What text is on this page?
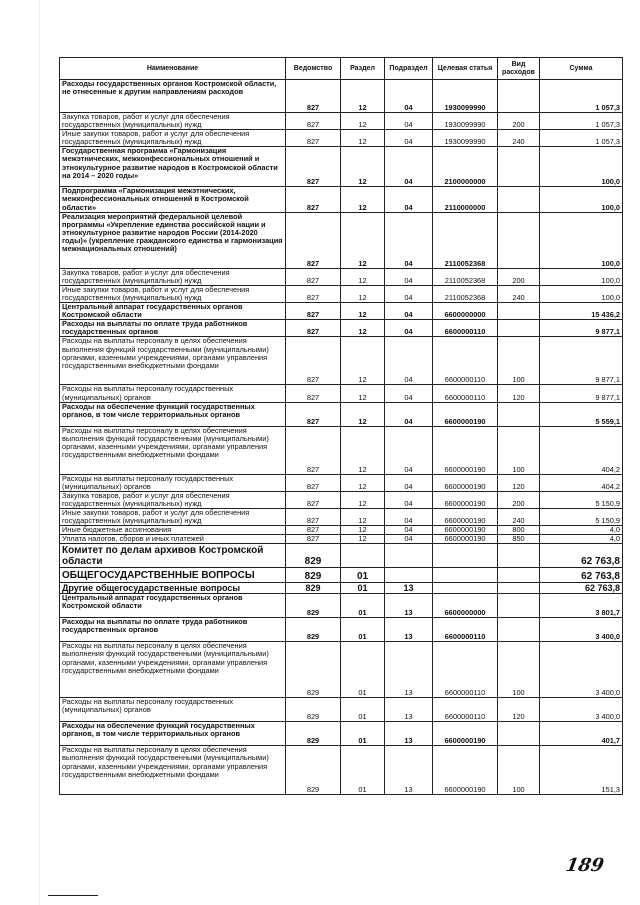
Наименование	Ведомство	Раздел	Подраздел	Целевая статья	Вид расходов	Сумма
Расходы государственных органов Костромской области, не отнесенные к другим направлениям расходов	827	12	04	1930099990		1 057,3
Закупка товаров, работ и услуг для обеспечения государственных (муниципальных) нужд	827	12	04	1930099990	200	1 057,3
Иные закупки товаров, работ и услуг для обеспечения государственных (муниципальных) нужд	827	12	04	1930099990	240	1 057,3
Государственная программа «Гармонизация межэтнических, межконфессиональных отношений и этнокультурное развитие народов в Костромской области на 2014 – 2020 годы»	827	12	04	2100000000		100,0
Подпрограмма «Гармонизация межэтнических, межконфессиональных отношений в Костромской области»	827	12	04	2110000000		100,0
Реализация мероприятий федеральной целевой программы «Укрепление единства российской нации и этнокультурное развитие народов России (2014-2020 годы)» (укрепление гражданского единства и гармонизация межнациональных отношений)	827	12	04	2110052368		100,0
Закупка товаров, работ и услуг для обеспечения государственных (муниципальных) нужд	827	12	04	2110052368	200	100,0
Иные закупки товаров, работ и услуг для обеспечения государственных (муниципальных) нужд	827	12	04	2110052368	240	100,0
Центральный аппарат государственных органов Костромской области	827	12	04	6600000000		15 436,2
Расходы на выплаты по оплате труда работников государственных органов	827	12	04	6600000110		9 877,1
Расходы на выплаты персоналу в целях обеспечения выполнения функций государственными (муниципальными) органами, казенными учреждениями, органами управления государственными внебюджетными фондами	827	12	04	6600000110	100	9 877,1
Расходы на выплаты персоналу государственных (муниципальных) органов	827	12	04	6600000110	120	9 877,1
Расходы на обеспечение функций государственных органов, в том числе территориальных органов	827	12	04	6600000190		5 559,1
Расходы на выплаты персоналу в целях обеспечения выполнения функций государственными (муниципальными) органами, казенными учреждениями, органами управления государственными внебюджетными фондами	827	12	04	6600000190	100	404,2
Расходы на выплаты персоналу государственных (муниципальных) органов	827	12	04	6600000190	120	404,2
Закупка товаров, работ и услуг для обеспечения государственных (муниципальных) нужд	827	12	04	6600000190	200	5 150,9
Иные закупки товаров, работ и услуг для обеспечения государственных (муниципальных) нужд	827	12	04	6600000190	240	5 150,9
Иные бюджетные ассигнования	827	12	04	6600000190	800	4,0
Уплата налогов, сборов и иных платежей	827	12	04	6600000190	850	4,0
Комитет по делам архивов Костромской области	829					62 763,8
ОБЩЕГОСУДАРСТВЕННЫЕ ВОПРОСЫ	829	01				62 763,8
Другие общегосударственные вопросы	829	01	13			62 763,8
Центральный аппарат государственных органов Костромской области	829	01	13	6600000000		3 801,7
Расходы на выплаты по оплате труда работников государственных органов	829	01	13	6600000110		3 400,0
Расходы на выплаты персоналу в целях обеспечения выполнения функций государственными (муниципальными) органами, казенными учреждениями, органами управления государственными внебюджетными фондами	829	01	13	6600000110	100	3 400,0
Расходы на выплаты персоналу государственных (муниципальных) органов	829	01	13	6600000110	120	3 400,0
Расходы на обеспечение функций государственных органов, в том числе территориальных органов	829	01	13	6600000190		401,7
Расходы на выплаты персоналу в целях обеспечения выполнения функций государственными (муниципальными) органами, казенными учреждениями, органами управления государственными внебюджетными фондами	829	01	13	6600000190	100	151,3
189
